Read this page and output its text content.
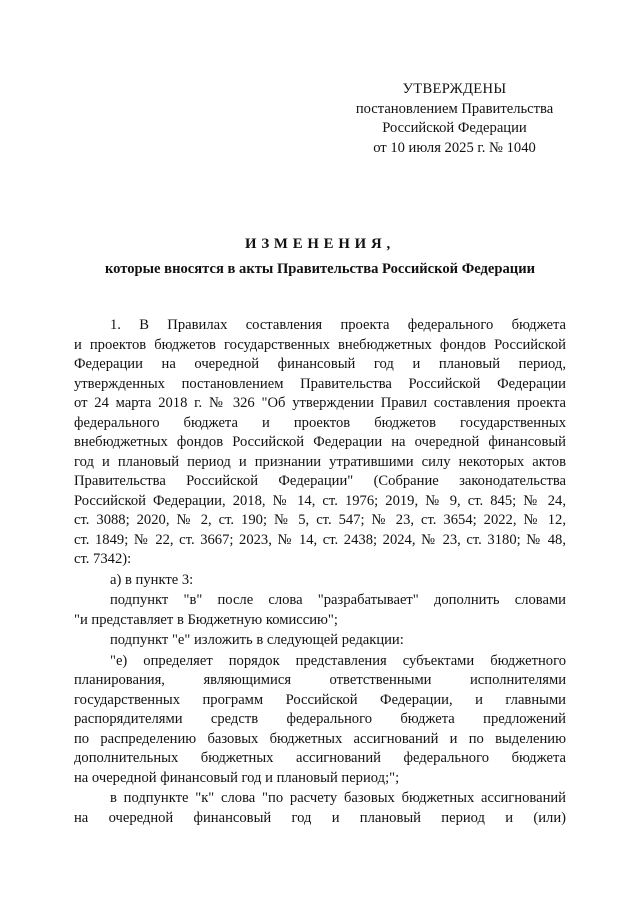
УТВЕРЖДЕНЫ
постановлением Правительства
Российской Федерации
от 10 июля 2025 г. № 1040
ИЗМЕНЕНИЯ,
которые вносятся в акты Правительства Российской Федерации
1. В Правилах составления проекта федерального бюджета
и проектов бюджетов государственных внебюджетных фондов Российской
Федерации на очередной финансовый год и плановый период,
утвержденных постановлением Правительства Российской Федерации
от 24 марта 2018 г. № 326 "Об утверждении Правил составления проекта
федерального бюджета и проектов бюджетов государственных
внебюджетных фондов Российской Федерации на очередной финансовый
год и плановый период и признании утратившими силу некоторых актов
Правительства Российской Федерации" (Собрание законодательства
Российской Федерации, 2018, № 14, ст. 1976; 2019, № 9, ст. 845; № 24,
ст. 3088; 2020, № 2, ст. 190; № 5, ст. 547; № 23, ст. 3654; 2022, № 12,
ст. 1849; № 22, ст. 3667; 2023, № 14, ст. 2438; 2024, № 23, ст. 3180; № 48,
ст. 7342):
а) в пункте 3:
подпункт "в" после слова "разрабатывает" дополнить словами
"и представляет в Бюджетную комиссию";
подпункт "е" изложить в следующей редакции:
"е) определяет порядок представления субъектами бюджетного
планирования, являющимися ответственными исполнителями
государственных программ Российской Федерации, и главными
распорядителями средств федерального бюджета предложений
по распределению базовых бюджетных ассигнований и по выделению
дополнительных бюджетных ассигнований федерального бюджета
на очередной финансовый год и плановый период;";
в подпункте "к" слова "по расчету базовых бюджетных ассигнований
на очередной финансовый год и плановый период и (или)
